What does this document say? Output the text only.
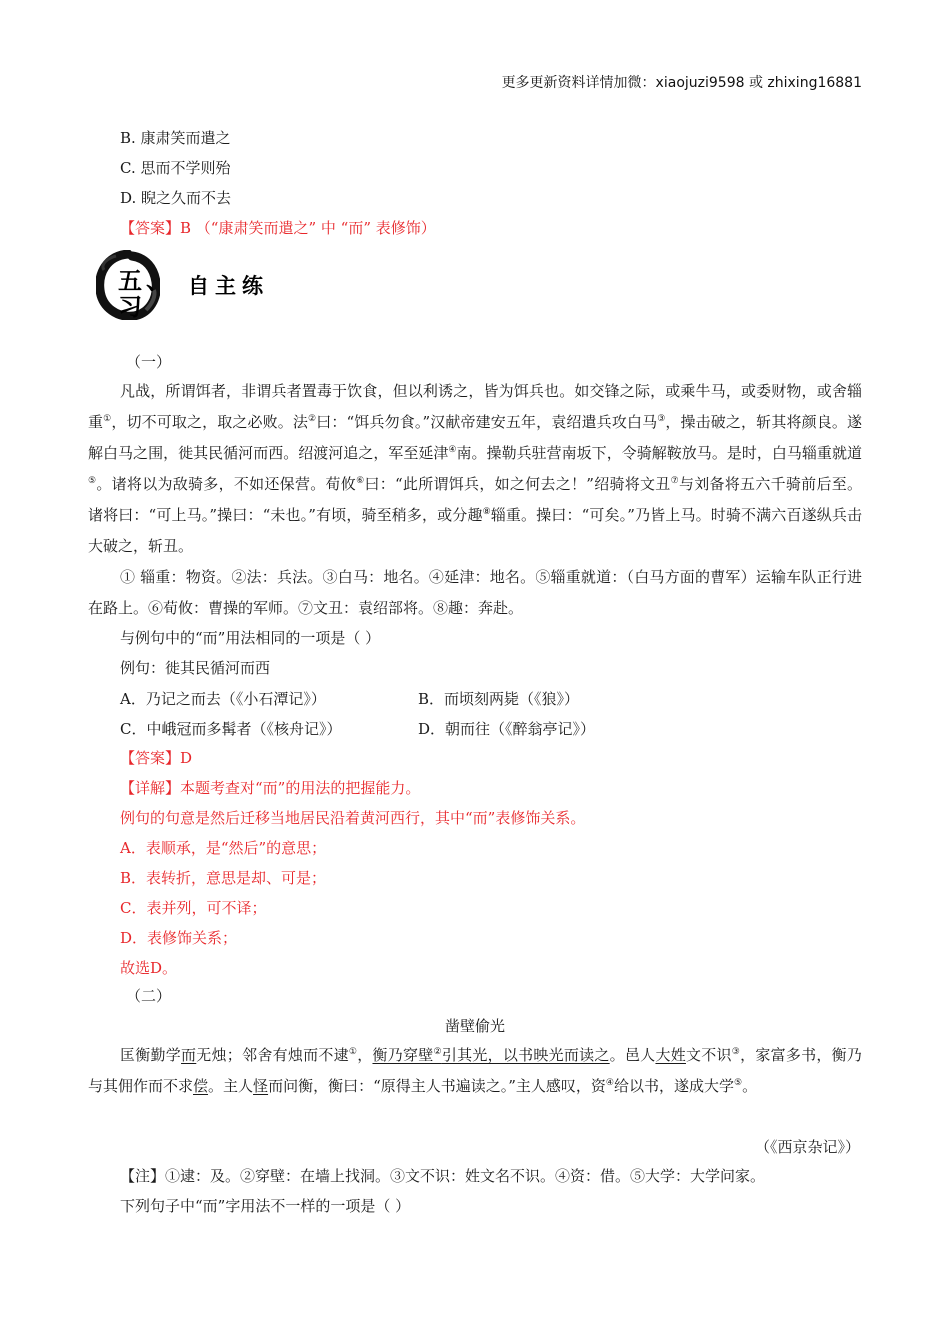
更多更新资料详情加微：xiaojuzi9598 或 zhixing16881
B. 康肃笑而遣之
C. 思而不学则殆
D. 睨之久而不去
【答案】B （“康肃笑而遣之” 中 “而” 表修饰）
五、
习
自主练
（一）

凡战，所谓饵者，非谓兵者置毒于饮食，但以利诱之，皆为饵兵也。如交锋之际，或乘牛马，或委财物，或舍辎重①，切不可取之，取之必败。法②曰：“饵兵勿食。”汉献帝建安五年，袁绍遣兵攻白马③，操击破之，斩其将颜良。遂解白马之围，徙其民循河而西。绍渡河追之，军至延津④南。操勒兵驻营南坂下，令骑解鞍放马。是时，白马辎重就道⑤。诸将以为敌骑多，不如还保营。荀攸⑥曰：“此所谓饵兵，如之何去之！”绍骑将文丑⑦与刘备将五六千骑前后至。诸将曰：“可上马。”操曰：“未也。”有顷，骑至稍多，或分趣⑧辎重。操曰：“可矣。”乃皆上马。时骑不满六百遂纵兵击大破之，斩丑。

① 辎重：物资。②法：兵法。③白马：地名。④延津：地名。⑤辎重就道：（白马方面的曹军）运输车队正行进在路上。⑥荀攸：曹操的军师。⑦文丑：袁绍部将。⑧趣：奔赴。

与例句中的“而”用法相同的一项是（ ）
例句：徙其民循河而西
A．乃记之而去（《小石潭记》）	B．而顷刻两毙（《狼》）
C．中峨冠而多髯者（《核舟记》）	D．朝而往（《醉翁亭记》）
【答案】D
【详解】本题考查对“而”的用法的把握能力。
例句的句意是然后迁移当地居民沿着黄河西行，其中“而”表修饰关系。
A．表顺承，是“然后”的意思；
B．表转折，意思是却、可是；
C．表并列，可不译；
D．表修饰关系；
故选D。
（二）
凿壁偷光

匡衡勤学而无烛；邻舍有烛而不逮①，衡乃穿壁②引其光，以书映光而读之。邑人大姓文不识③，家富多书，衡乃与其佣作而不求偿。主人怪而问衡，衡曰：“原得主人书遍读之。”主人感叹，资④给以书，遂成大学⑤。

（《西京杂记》）
【注】①逮：及。②穿壁：在墙上找洞。③文不识：姓文名不识。④资：借。⑤大学：大学问家。
下列句子中“而”字用法不一样的一项是（ ）
